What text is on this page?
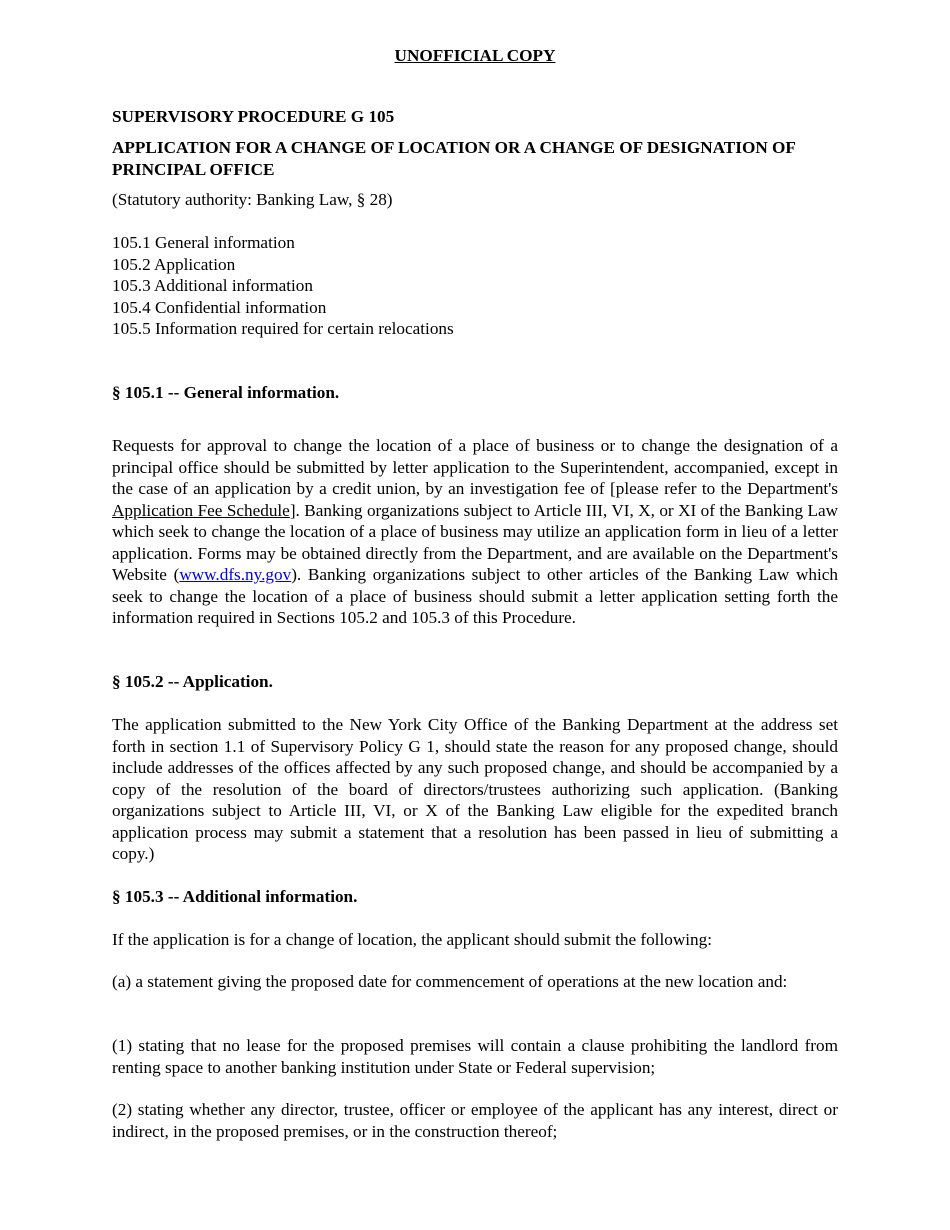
UNOFFICIAL COPY
SUPERVISORY PROCEDURE G 105
APPLICATION FOR A CHANGE OF LOCATION OR A CHANGE OF DESIGNATION OF PRINCIPAL OFFICE
(Statutory authority: Banking Law, § 28)
105.1 General information
105.2 Application
105.3 Additional information
105.4 Confidential information
105.5 Information required for certain relocations
§ 105.1 -- General information.
Requests for approval to change the location of a place of business or to change the designation of a principal office should be submitted by letter application to the Superintendent, accompanied, except in the case of an application by a credit union, by an investigation fee of [please refer to the Department's Application Fee Schedule]. Banking organizations subject to Article III, VI, X, or XI of the Banking Law which seek to change the location of a place of business may utilize an application form in lieu of a letter application. Forms may be obtained directly from the Department, and are available on the Department's Website (www.dfs.ny.gov). Banking organizations subject to other articles of the Banking Law which seek to change the location of a place of business should submit a letter application setting forth the information required in Sections 105.2 and 105.3 of this Procedure.
§ 105.2 -- Application.
The application submitted to the New York City Office of the Banking Department at the address set forth in section 1.1 of Supervisory Policy G 1, should state the reason for any proposed change, should include addresses of the offices affected by any such proposed change, and should be accompanied by a copy of the resolution of the board of directors/trustees authorizing such application. (Banking organizations subject to Article III, VI, or X of the Banking Law eligible for the expedited branch application process may submit a statement that a resolution has been passed in lieu of submitting a copy.)
§ 105.3 -- Additional information.
If the application is for a change of location, the applicant should submit the following:
(a) a statement giving the proposed date for commencement of operations at the new location and:
(1) stating that no lease for the proposed premises will contain a clause prohibiting the landlord from renting space to another banking institution under State or Federal supervision;
(2) stating whether any director, trustee, officer or employee of the applicant has any interest, direct or indirect, in the proposed premises, or in the construction thereof;
